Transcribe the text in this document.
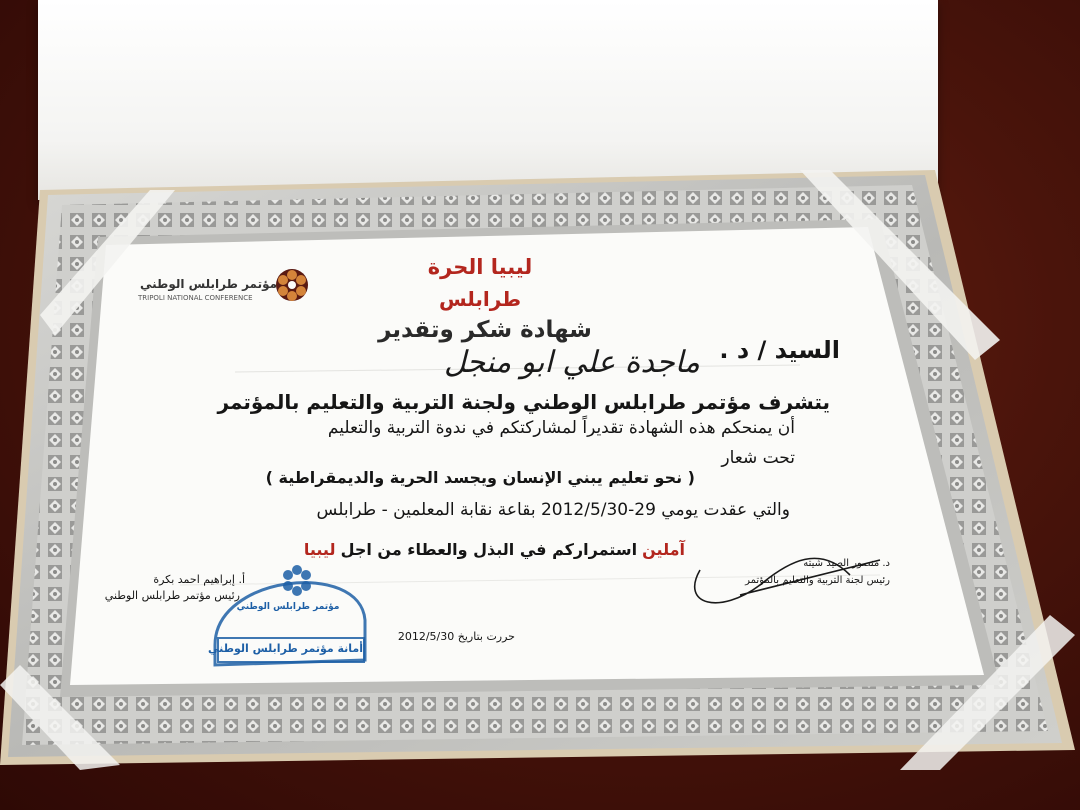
ليبيا الحرة
طرابلس
مؤتمر طرابلس الوطني
TRIPOLI NATIONAL CONFERENCE
شهادة شكر وتقدير
السيد / د .
ماجدة علي ابو منجل
يتشرف مؤتمر طرابلس الوطني ولجنة التربية والتعليم بالمؤتمر
أن يمنحكم هذه الشهادة تقديراً لمشاركتكم في ندوة التربية والتعليم
تحت شعار
( نحو تعليم يبني الإنسان ويجسد الحرية والديمقراطية )
والتي عقدت يومي 29-2012/5/30 بقاعة نقابة المعلمين - طرابلس
آملين استمراركم في البذل والعطاء من اجل ليبيا
أ. إبراهيم احمد بكرة
رئيس مؤتمر طرابلس الوطني
د. منصور الصيد شيته
رئيس لجنة التربية والتعليم بالمؤتمر
مؤتمر طرابلس الوطني
أمانة مؤتمر طرابلس الوطني
حررت بتاريخ 2012/5/30
